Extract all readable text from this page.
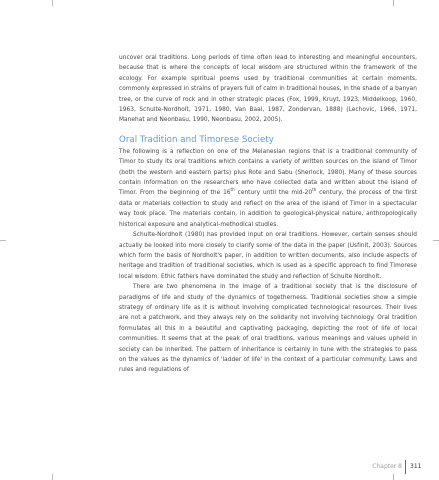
uncover oral traditions. Long periods of time often lead to interesting and meaningful encounters, because that is where the concepts of local wisdom are structured within the framework of the ecology. For example spiritual poems used by traditional communities at certain moments, commonly expressed in strains of prayers full of calm in traditional houses, in the shade of a banyan tree, or the curve of rock and in other strategic places (Fox, 1999, Kruyt, 1923, Middelkoop, 1960, 1963, Schulte-Nordholt, 1971, 1980, Van Baal, 1987, Zondervan, 1888) (Lechovic, 1966, 1971, Manehat and Neonbasu, 1990, Neonbasu, 2002, 2005).

Oral Tradition and Timorese Society

The following is a reflection on one of the Melanesian regions that is a traditional community of Timor to study its oral traditions which contains a variety of written sources on the island of Timor (both the western and eastern parts) plus Rote and Sabu (Sherlock, 1980). Many of these sources contain information on the researchers who have collected data and written about the island of Timor. From the beginning of the 16th century until the mid-20th century, the process of the first data or materials collection to study and reflect on the area of the island of Timor in a spectacular way took place. The materials contain, in addition to geological-physical nature, anthropologically historical exposure and analytical-methodical studies.

Schulte-Nordholt (1980) has provided input on oral traditions. However, certain senses should actually be looked into more closely to clarify some of the data in the paper (Usfinit, 2003). Sources which form the basis of Nordholt's paper, in addition to written documents, also include aspects of heritage and tradition of traditional societies, which is used as a specific approach to find Timorese local wisdom. Ethic fathers have dominated the study and reflection of Schulte Nordholt.

There are two phenomena in the image of a traditional society that is the disclosure of paradigms of life and study of the dynamics of togetherness. Traditional societies show a simple strategy of ordinary life as it is without involving complicated technological resources. Their lives are not a patchwork, and they always rely on the solidarity not involving technology. Oral tradition formulates all this in a beautiful and captivating packaging, depicting the root of life of local communities. It seems that at the peak of oral traditions, various meanings and values upheld in society can be inherited. The pattern of inheritance is certainly in tune with the strategies to pass on the values as the dynamics of 'ladder of life' in the context of a particular community. Laws and rules and regulations of

Chapter 8 311
